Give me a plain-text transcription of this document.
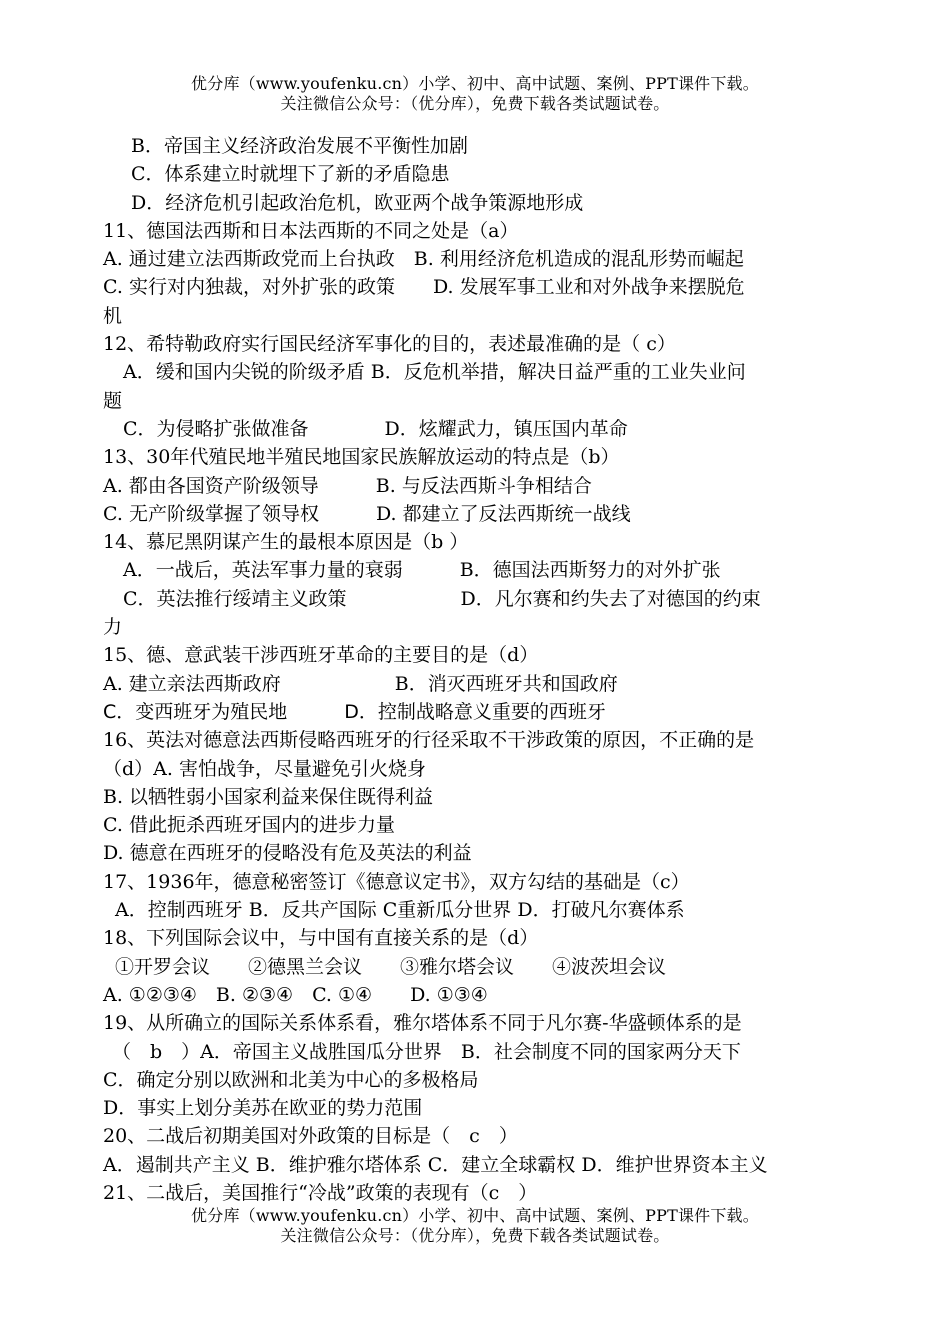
优分库（www.youfenku.cn）小学、初中、高中试题、案例、PPT课件下载。
关注微信公众号：（优分库），免费下载各类试题试卷。
B．帝国主义经济政治发展不平衡性加剧
C．体系建立时就埋下了新的矛盾隐患
D．经济危机引起政治危机，欧亚两个战争策源地形成
11、德国法西斯和日本法西斯的不同之处是（a）
A. 通过建立法西斯政党而上台执政　B. 利用经济危机造成的混乱形势而崛起
C. 实行对内独裁，对外扩张的政策　　D. 发展军事工业和对外战争来摆脱危
机
12、希特勒政府实行国民经济军事化的目的，表述最准确的是（ c）
A．缓和国内尖锐的阶级矛盾 B．反危机举措，解决日益严重的工业失业问
题
C．为侵略扩张做准备　　　　D．炫耀武力，镇压国内革命
13、30年代殖民地半殖民地国家民族解放运动的特点是（b）
A. 都由各国资产阶级领导　　　B. 与反法西斯斗争相结合
C. 无产阶级掌握了领导权　　　D. 都建立了反法西斯统一战线
14、慕尼黑阴谋产生的最根本原因是（b ）
A．一战后，英法军事力量的衰弱　　　B．德国法西斯努力的对外扩张
C．英法推行绥靖主义政策　　　　　　D．凡尔赛和约失去了对德国的约束
力
15、德、意武装干涉西班牙革命的主要目的是（d）
A. 建立亲法西斯政府　　　　　　B．消灭西班牙共和国政府
C．变西班牙为殖民地　　　D．控制战略意义重要的西班牙
16、英法对德意法西斯侵略西班牙的行径采取不干涉政策的原因，不正确的是
（d）A. 害怕战争，尽量避免引火烧身
B. 以牺牲弱小国家利益来保住既得利益
C. 借此扼杀西班牙国内的进步力量
D. 德意在西班牙的侵略没有危及英法的利益
17、1936年，德意秘密签订《德意议定书》，双方勾结的基础是（c）
A．控制西班牙 B．反共产国际 C重新瓜分世界 D．打破凡尔赛体系
18、下列国际会议中，与中国有直接关系的是（d）
①开罗会议　　②德黑兰会议　　③雅尔塔会议　　④波茨坦会议
A. ①②③④　B. ②③④　C. ①④　　D. ①③④
19、从所确立的国际关系体系看，雅尔塔体系不同于凡尔赛-华盛顿体系的是
（　b　）A．帝国主义战胜国瓜分世界　B．社会制度不同的国家两分天下
C．确定分别以欧洲和北美为中心的多极格局
D．事实上划分美苏在欧亚的势力范围
20、二战后初期美国对外政策的目标是（　c　）
A．遏制共产主义 B．维护雅尔塔体系 C．建立全球霸权 D．维护世界资本主义
21、二战后，美国推行“冷战”政策的表现有（c　）
优分库（www.youfenku.cn）小学、初中、高中试题、案例、PPT课件下载。
关注微信公众号：（优分库），免费下载各类试题试卷。
